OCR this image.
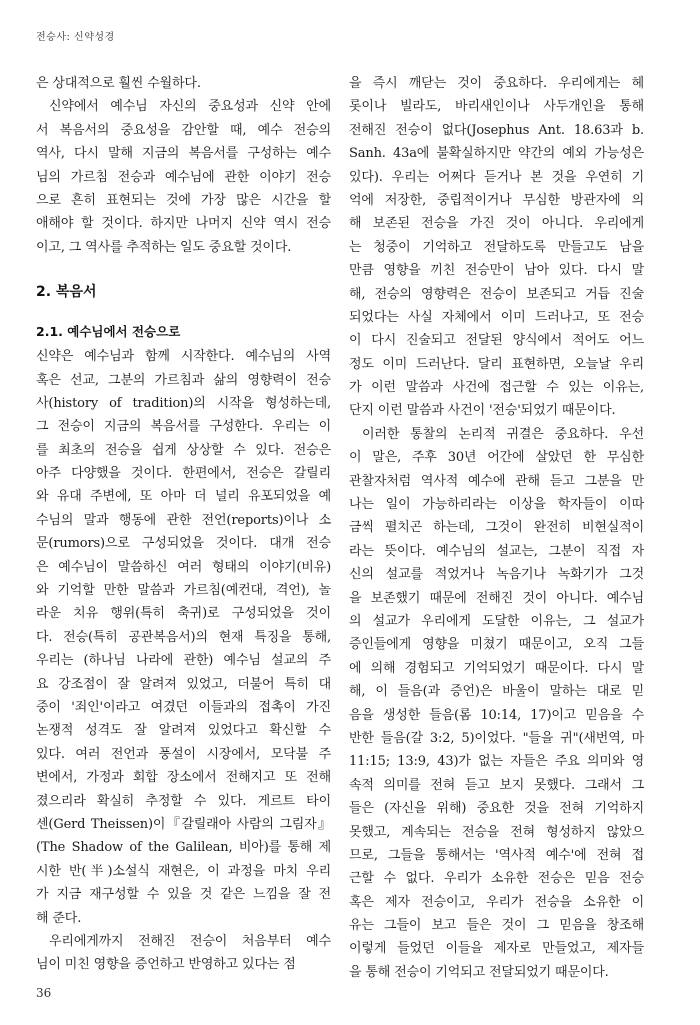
전승사: 신약성경
은 상대적으로 훨씬 수월하다.
신약에서 예수님 자신의 중요성과 신약 안에
서 복음서의 중요성을 감안할 때, 예수 전승의
역사, 다시 말해 지금의 복음서를 구성하는 예수
님의 가르침 전승과 예수님에 관한 이야기 전승
으로 흔히 표현되는 것에 가장 많은 시간을 할
애해야 할 것이다. 하지만 나머지 신약 역시 전승
이고, 그 역사를 추적하는 일도 중요할 것이다.
2. 복음서
2.1. 예수님에서 전승으로
신약은 예수님과 함께 시작한다. 예수님의 사역
혹은 선교, 그분의 가르침과 삶의 영향력이 전승
사(history of tradition)의 시작을 형성하는데,
그 전승이 지금의 복음서를 구성한다. 우리는 이
를 최초의 전승을 쉽게 상상할 수 있다. 전승은
아주 다양했을 것이다. 한편에서, 전승은 갈릴리
와 유대 주변에, 또 아마 더 널리 유포되었을 예
수님의 말과 행동에 관한 전언(reports)이나 소
문(rumors)으로 구성되었을 것이다. 대개 전승
은 예수님이 말씀하신 여러 형태의 이야기(비유)
와 기억할 만한 말씀과 가르침(예컨대, 격언), 놀
라운 치유 행위(특히 축귀)로 구성되었을 것이
다. 전승(특히 공관복음서)의 현재 특징을 통해,
우리는 (하나님 나라에 관한) 예수님 설교의 주
요 강조점이 잘 알려져 있었고, 더불어 특히 대
중이 '죄인'이라고 여겼던 이들과의 접촉이 가진
논쟁적 성격도 잘 알려져 있었다고 확신할 수
있다. 여러 전언과 풍설이 시장에서, 모닥불 주
변에서, 가정과 회합 장소에서 전해지고 또 전해
졌으리라 확실히 추정할 수 있다. 게르트 타이
센(Gerd Theissen)이『갈릴래아 사람의 그림자』
(The Shadow of the Galilean, 비아)를 통해 제
시한 반(半)소설식 재현은, 이 과정을 마치 우리
가 지금 재구성할 수 있을 것 같은 느낌을 잘 전
해 준다.
우리에게까지 전해진 전승이 처음부터 예수
님이 미친 영향을 증언하고 반영하고 있다는 점
을 즉시 깨닫는 것이 중요하다. 우리에게는 헤
롯이나 빌라도, 바리새인이나 사두개인을 통해
전해진 전승이 없다(Josephus Ant. 18.63과 b.
Sanh. 43a에 불확실하지만 약간의 예외 가능성은
있다). 우리는 어쩌다 듣거나 본 것을 우연히 기
억에 저장한, 중립적이거나 무심한 방관자에 의
해 보존된 전승을 가진 것이 아니다. 우리에게
는 청중이 기억하고 전달하도록 만들고도 남을
만큼 영향을 끼친 전승만이 남아 있다. 다시 말
해, 전승의 영향력은 전승이 보존되고 거듭 진술
되었다는 사실 자체에서 이미 드러나고, 또 전승
이 다시 진술되고 전달된 양식에서 적어도 어느
정도 이미 드러난다. 달리 표현하면, 오늘날 우리
가 이런 말씀과 사건에 접근할 수 있는 이유는,
단지 이런 말씀과 사건이 '전승'되었기 때문이다.
이러한 통찰의 논리적 귀결은 중요하다. 우선
이 말은, 주후 30년 어간에 살았던 한 무심한
관찰자처럼 역사적 예수에 관해 듣고 그분을 만
나는 일이 가능하리라는 이상을 학자들이 이따
금씩 펼치곤 하는데, 그것이 완전히 비현실적이
라는 뜻이다. 예수님의 설교는, 그분이 직접 자
신의 설교를 적었거나 녹음기나 녹화기가 그것
을 보존했기 때문에 전해진 것이 아니다. 예수님
의 설교가 우리에게 도달한 이유는, 그 설교가
증인들에게 영향을 미쳤기 때문이고, 오직 그들
에 의해 경험되고 기억되었기 때문이다. 다시 말
해, 이 들음(과 증언)은 바울이 말하는 대로 믿
음을 생성한 들음(롬 10:14, 17)이고 믿음을 수
반한 들음(갈 3:2, 5)이었다. "들을 귀"(새번역, 마
11:15; 13:9, 43)가 없는 자들은 주요 의미와 영
속적 의미를 전혀 듣고 보지 못했다. 그래서 그
들은 (자신을 위해) 중요한 것을 전혀 기억하지
못했고, 계속되는 전승을 전혀 형성하지 않았으
므로, 그들을 통해서는 '역사적 예수'에 전혀 접
근할 수 없다. 우리가 소유한 전승은 믿음 전승
혹은 제자 전승이고, 우리가 전승을 소유한 이
유는 그들이 보고 들은 것이 그 믿음을 창조해
이렇게 들었던 이들을 제자로 만들었고, 제자들
을 통해 전승이 기억되고 전달되었기 때문이다.
36
